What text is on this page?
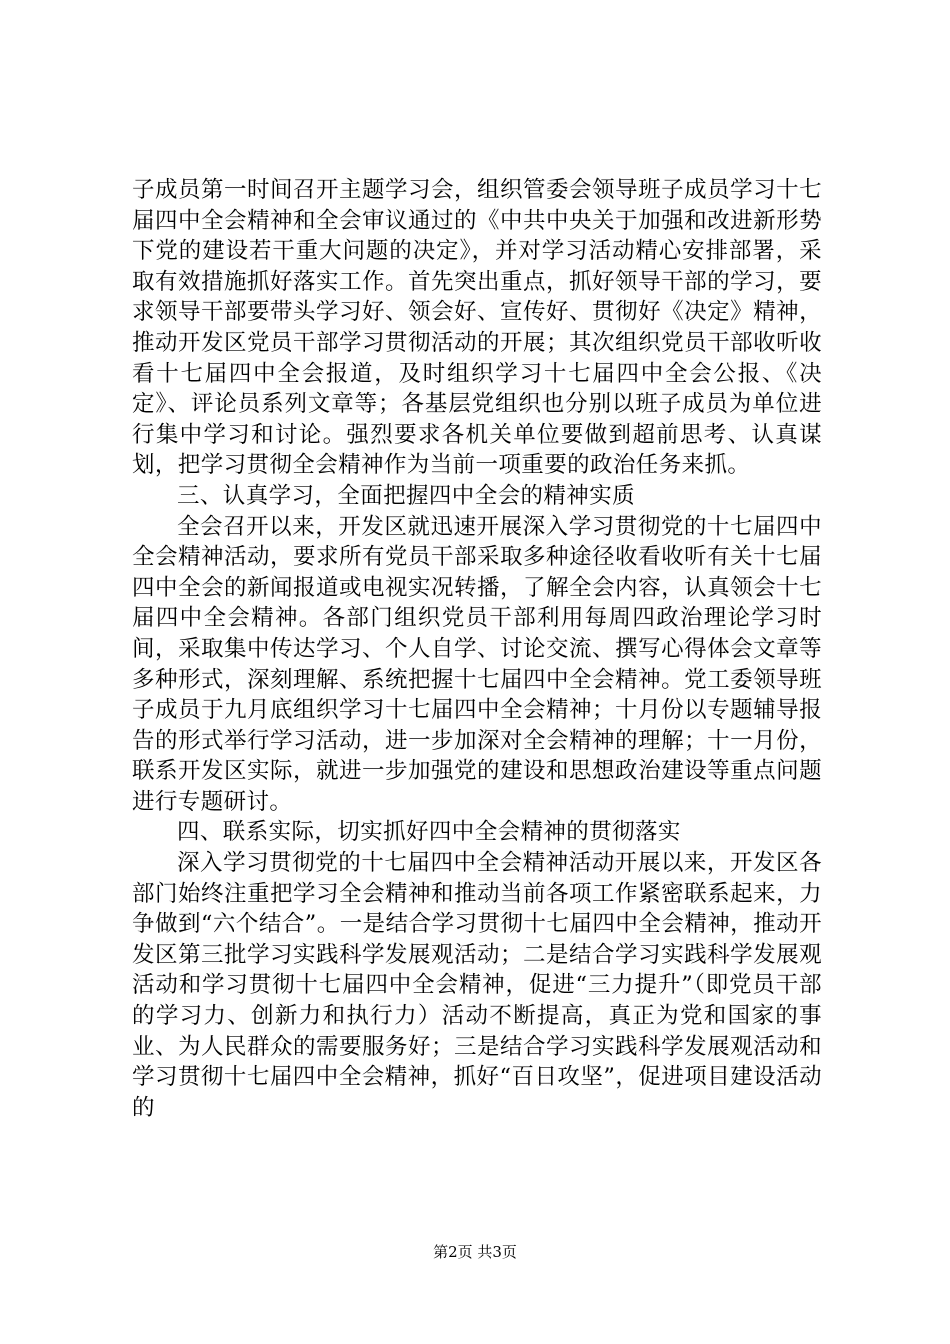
子成员第一时间召开主题学习会，组织管委会领导班子成员学习十七届四中全会精神和全会审议通过的《中共中央关于加强和改进新形势下党的建设若干重大问题的决定》，并对学习活动精心安排部署，采取有效措施抓好落实工作。首先突出重点，抓好领导干部的学习，要求领导干部要带头学习好、领会好、宣传好、贯彻好《决定》精神，推动开发区党员干部学习贯彻活动的开展；其次组织党员干部收听收看十七届四中全会报道，及时组织学习十七届四中全会公报、《决定》、评论员系列文章等；各基层党组织也分别以班子成员为单位进行集中学习和讨论。强烈要求各机关单位要做到超前思考、认真谋划，把学习贯彻全会精神作为当前一项重要的政治任务来抓。

三、认真学习，全面把握四中全会的精神实质

全会召开以来，开发区就迅速开展深入学习贯彻党的十七届四中全会精神活动，要求所有党员干部采取多种途径收看收听有关十七届四中全会的新闻报道或电视实况转播，了解全会内容，认真领会十七届四中全会精神。各部门组织党员干部利用每周四政治理论学习时间，采取集中传达学习、个人自学、讨论交流、撰写心得体会文章等多种形式，深刻理解、系统把握十七届四中全会精神。党工委领导班子成员于九月底组织学习十七届四中全会精神；十月份以专题辅导报告的形式举行学习活动，进一步加深对全会精神的理解；十一月份，联系开发区实际，就进一步加强党的建设和思想政治建设等重点问题进行专题研讨。

四、联系实际，切实抓好四中全会精神的贯彻落实

深入学习贯彻党的十七届四中全会精神活动开展以来，开发区各部门始终注重把学习全会精神和推动当前各项工作紧密联系起来，力争做到“六个结合”。一是结合学习贯彻十七届四中全会精神，推动开发区第三批学习实践科学发展观活动；二是结合学习实践科学发展观活动和学习贯彻十七届四中全会精神，促进“三力提升”（即党员干部的学习力、创新力和执行力）活动不断提高，真正为党和国家的事业、为人民群众的需要服务好；三是结合学习实践科学发展观活动和学习贯彻十七届四中全会精神，抓好“百日攻坚”，促进项目建设活动的

第2页 共3页
